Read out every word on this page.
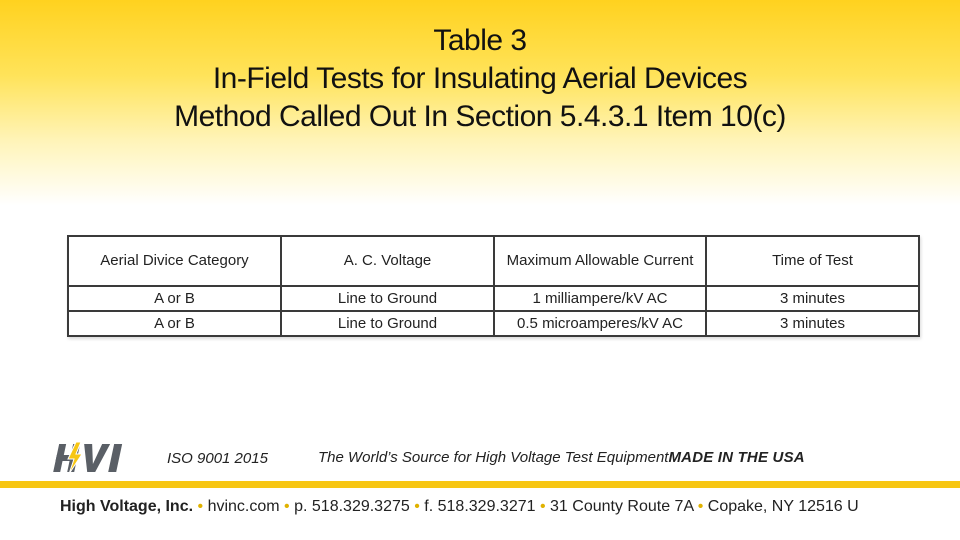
Table 3
In-Field Tests for Insulating Aerial Devices
Method Called Out In Section 5.4.3.1 Item 10(c)
Aerial Divice Category	A. C. Voltage	Maximum Allowable Current	Time of Test
A or B	Line to Ground	1 milliampere/kV AC	3 minutes
A or B	Line to Ground	0.5 microamperes/kV AC	3 minutes
ISO 9001 2015	The World’s Source for High Voltage Test EquipmentMADE IN THE USA
High Voltage, Inc. • hvinc.com • p. 518.329.3275 • f. 518.329.3271 • 31 County Route 7A • Copake, NY 12516 U
